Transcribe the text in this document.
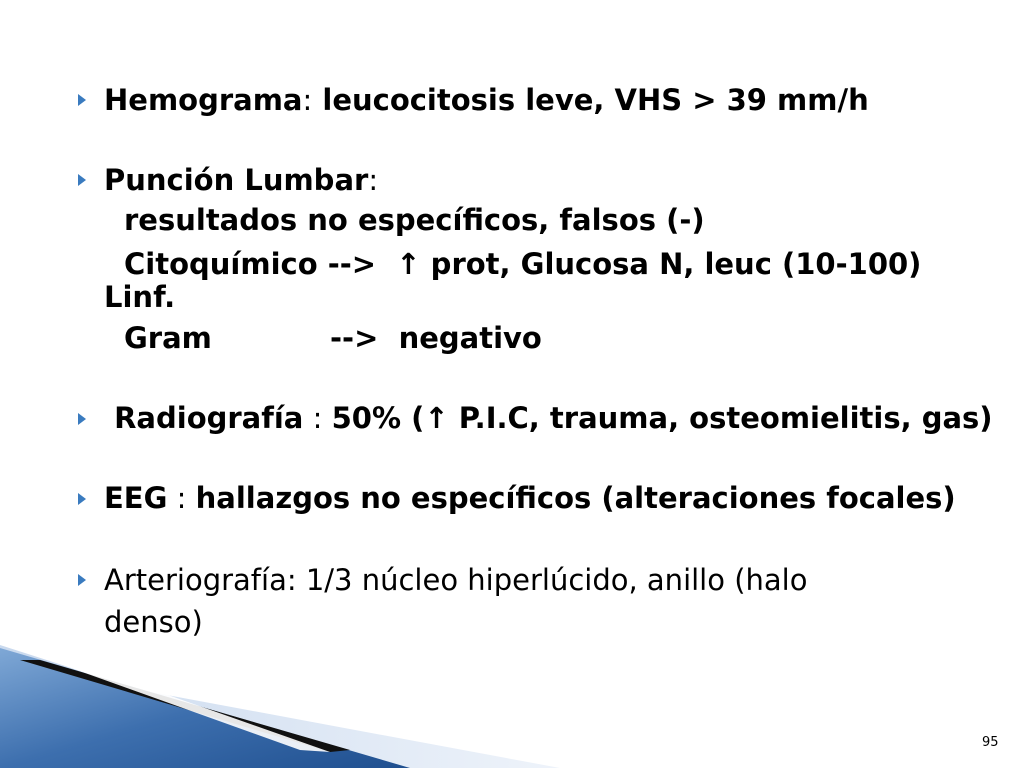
Hemograma: leucocitosis leve, VHS > 39 mm/h
Punción Lumbar:
resultados no específicos, falsos (-)
Citoquímico -->  ↑ prot, Glucosa N, leuc (10-100)
Linf.
Gram	-->  negativo
Radiografía : 50% (↑ P.I.C, trauma, osteomielitis, gas)
EEG : hallazgos no específicos (alteraciones focales)
Arteriografía: 1/3 núcleo hiperlúcido, anillo (halo
denso)
95
